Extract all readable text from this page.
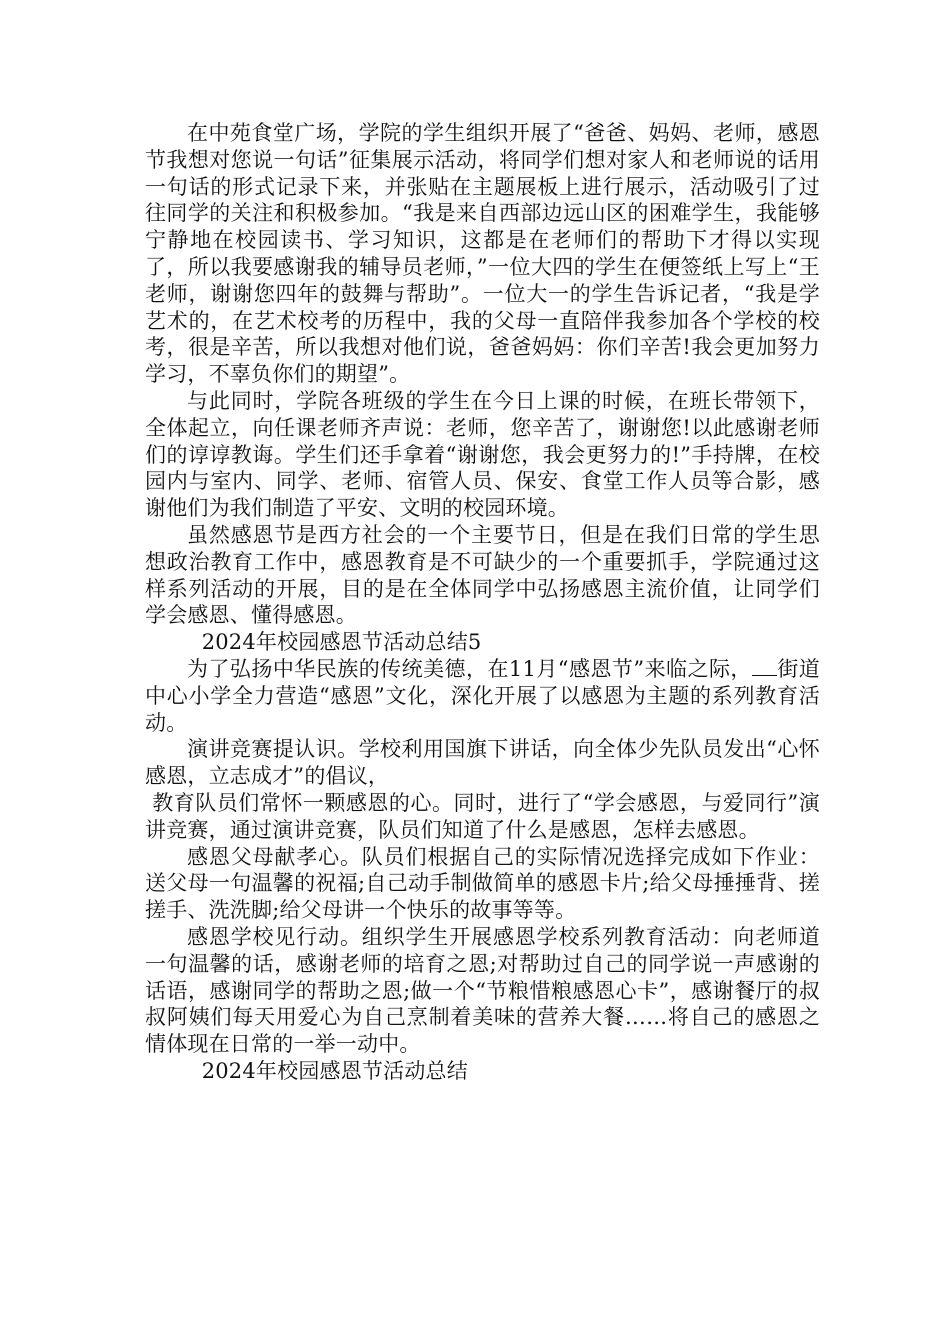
在中苑食堂广场，学院的学生组织开展了“爸爸、妈妈、老师，感恩节我想对您说一句话”征集展示活动，将同学们想对家人和老师说的话用一句话的形式记录下来，并张贴在主题展板上进行展示，活动吸引了过往同学的关注和积极参加。“我是来自西部边远山区的困难学生，我能够宁静地在校园读书、学习知识，这都是在老师们的帮助下才得以实现了，所以我要感谢我的辅导员老师，”一位大四的学生在便签纸上写上“王老师，谢谢您四年的鼓舞与帮助”。一位大一的学生告诉记者，“我是学艺术的，在艺术校考的历程中，我的父母一直陪伴我参加各个学校的校考，很是辛苦，所以我想对他们说，爸爸妈妈：你们辛苦!我会更加努力学习，不辜负你们的期望”。

与此同时，学院各班级的学生在今日上课的时候，在班长带领下，全体起立，向任课老师齐声说：老师，您辛苦了，谢谢您!以此感谢老师们的谆谆教诲。学生们还手拿着“谢谢您，我会更努力的!”手持牌，在校园内与室内、同学、老师、宿管人员、保安、食堂工作人员等合影，感谢他们为我们制造了平安、文明的校园环境。

虽然感恩节是西方社会的一个主要节日，但是在我们日常的学生思想政治教育工作中，感恩教育是不可缺少的一个重要抓手，学院通过这样系列活动的开展，目的是在全体同学中弘扬感恩主流价值，让同学们学会感恩、懂得感恩。

2024年校园感恩节活动总结5

为了弘扬中华民族的传统美德，在11月“感恩节”来临之际， 街道中心小学全力营造“感恩”文化，深化开展了以感恩为主题的系列教育活动。

演讲竞赛提认识。学校利用国旗下讲话，向全体少先队员发出“心怀感恩，立志成才”的倡议，

教育队员们常怀一颗感恩的心。同时，进行了“学会感恩，与爱同行”演讲竞赛，通过演讲竞赛，队员们知道了什么是感恩，怎样去感恩。

感恩父母献孝心。队员们根据自己的实际情况选择完成如下作业：送父母一句温馨的祝福;自己动手制做简单的感恩卡片;给父母捶捶背、搓搓手、洗洗脚;给父母讲一个快乐的故事等等。

感恩学校见行动。组织学生开展感恩学校系列教育活动：向老师道一句温馨的话，感谢老师的培育之恩;对帮助过自己的同学说一声感谢的话语，感谢同学的帮助之恩;做一个“节粮惜粮感恩心卡”，感谢餐厅的叔叔阿姨们每天用爱心为自己烹制着美味的营养大餐……将自己的感恩之情体现在日常的一举一动中。

2024年校园感恩节活动总结
